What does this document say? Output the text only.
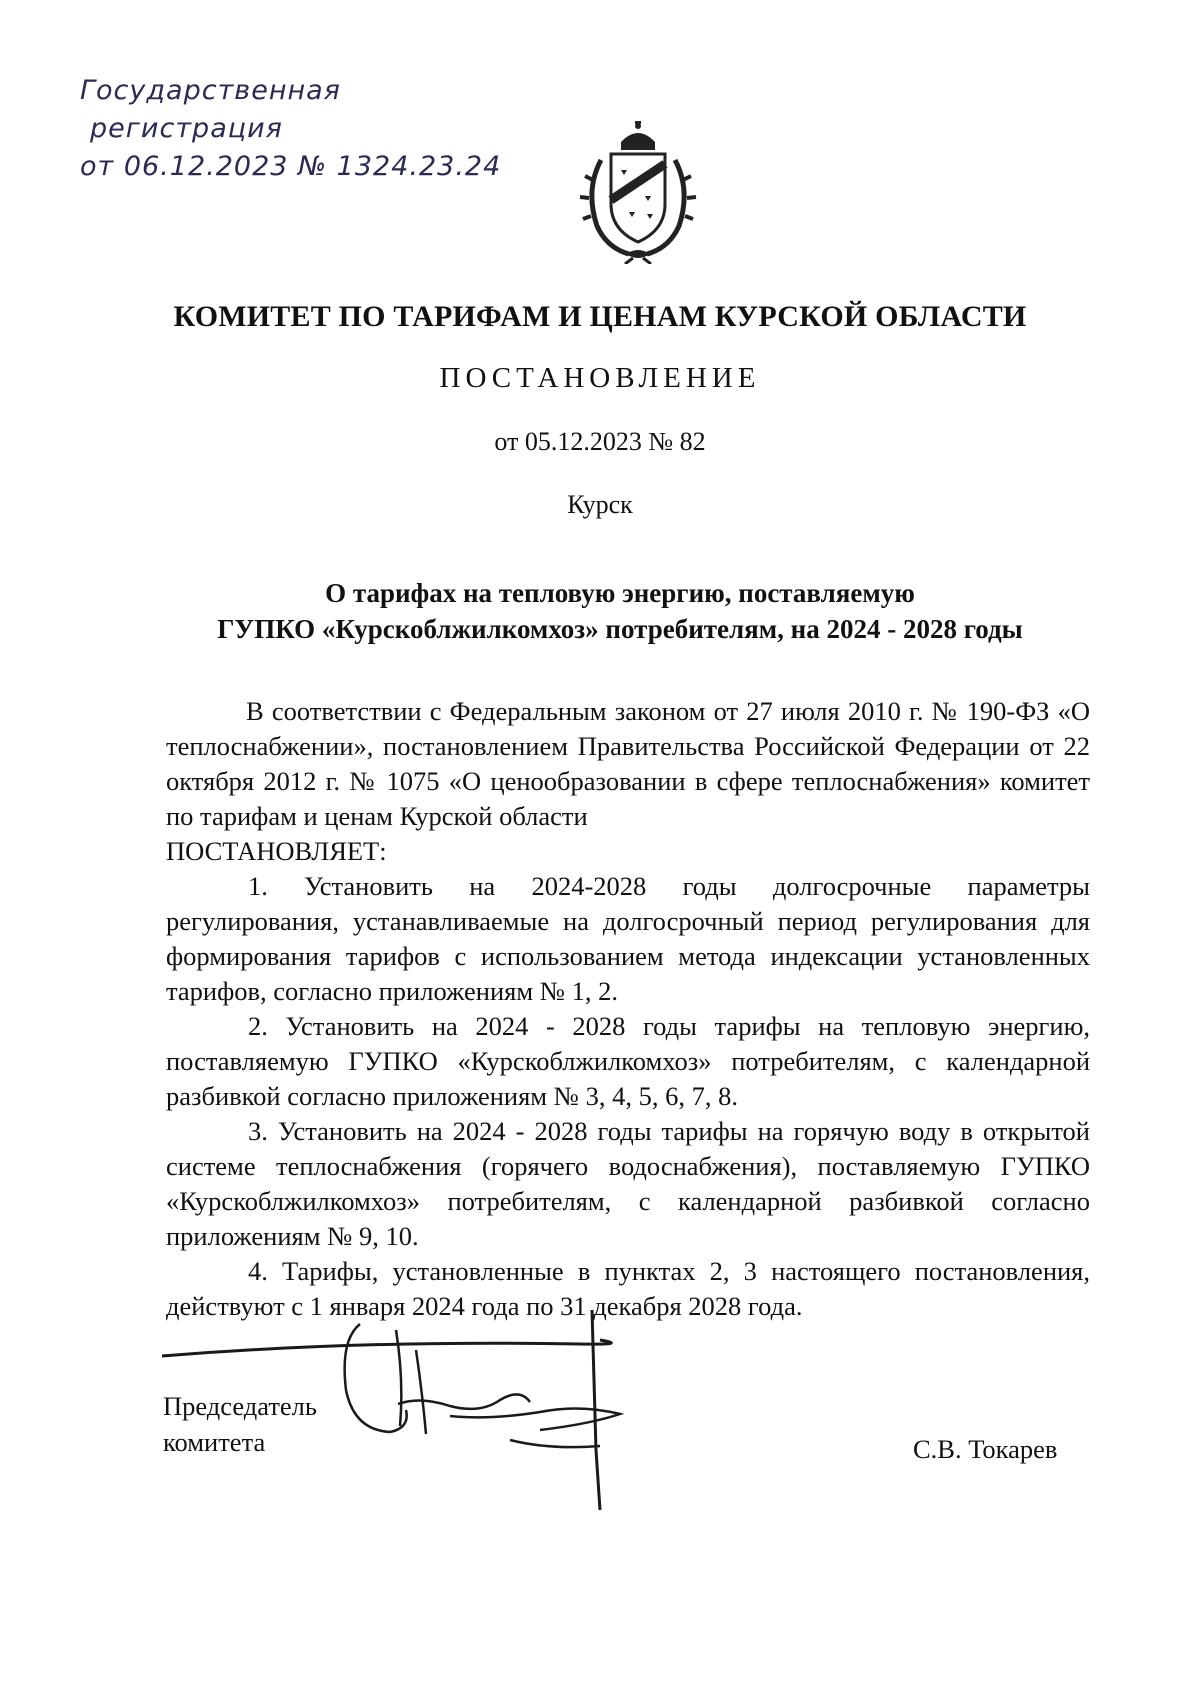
Государственная
регистрация
от 06.12.2023 № 1324.23.24
КОМИТЕТ ПО ТАРИФАМ И ЦЕНАМ КУРСКОЙ ОБЛАСТИ
ПОСТАНОВЛЕНИЕ
от 05.12.2023 № 82
Курск
О тарифах на тепловую энергию, поставляемую
ГУПКО «Курскоблжилкомхоз» потребителям, на 2024 - 2028 годы

В соответствии с Федеральным законом от 27 июля 2010 г. № 190-ФЗ «О теплоснабжении», постановлением Правительства Российской Федерации от 22 октября 2012 г. № 1075 «О ценообразовании в сфере теплоснабжения» комитет по тарифам и ценам Курской области
ПОСТАНОВЛЯЕТ:

1. Установить на 2024-2028 годы долгосрочные параметры регулирования, устанавливаемые на долгосрочный период регулирования для формирования тарифов с использованием метода индексации установленных тарифов, согласно приложениям № 1, 2.

2. Установить на 2024 - 2028 годы тарифы на тепловую энергию, поставляемую ГУПКО «Курскоблжилкомхоз» потребителям, с календарной разбивкой согласно приложениям № 3, 4, 5, 6, 7, 8.

3. Установить на 2024 - 2028 годы тарифы на горячую воду в открытой системе теплоснабжения (горячего водоснабжения), поставляемую ГУПКО «Курскоблжилкомхоз» потребителям, с календарной разбивкой согласно приложениям № 9, 10.

4. Тарифы, установленные в пунктах 2, 3 настоящего постановления, действуют с 1 января 2024 года по 31 декабря 2028 года.

Председатель
комитета	С.В. Токарев
